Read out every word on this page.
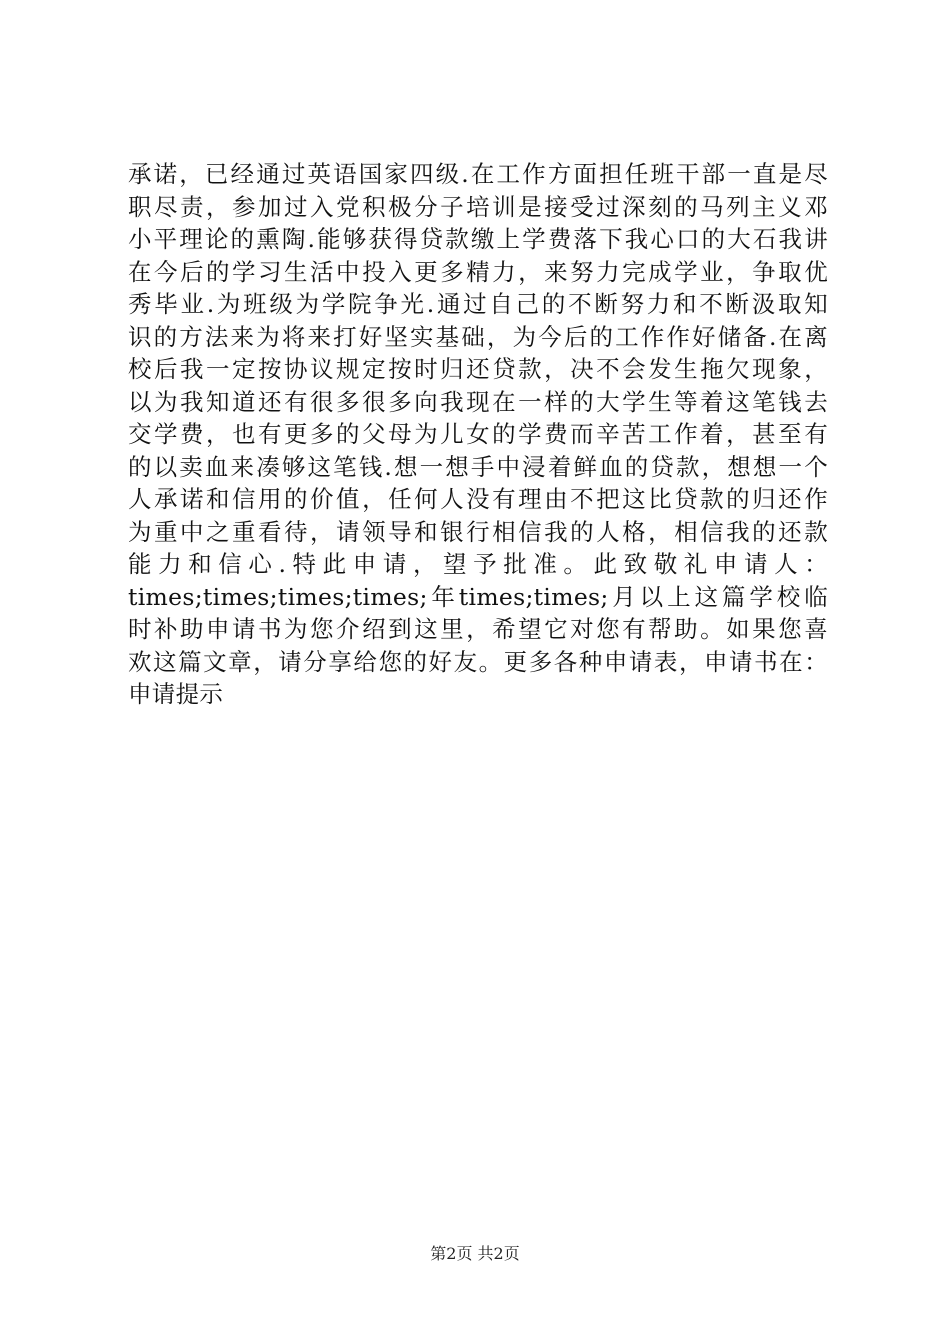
承诺，已经通过英语国家四级.在工作方面担任班干部一直是尽
职尽责，参加过入党积极分子培训是接受过深刻的马列主义邓
小平理论的熏陶.能够获得贷款缴上学费落下我心口的大石我讲
在今后的学习生活中投入更多精力，来努力完成学业，争取优
秀毕业.为班级为学院争光.通过自己的不断努力和不断汲取知
识的方法来为将来打好坚实基础，为今后的工作作好储备.在离
校后我一定按协议规定按时归还贷款，决不会发生拖欠现象，
以为我知道还有很多很多向我现在一样的大学生等着这笔钱去
交学费，也有更多的父母为儿女的学费而辛苦工作着，甚至有
的以卖血来凑够这笔钱.想一想手中浸着鲜血的贷款，想想一个
人承诺和信用的价值，任何人没有理由不把这比贷款的归还作
为重中之重看待，请领导和银行相信我的人格，相信我的还款
能力和信心.特此申请，望予批准。此致敬礼申请人：
times;times;times;times;年times;times;月以上这篇学校临
时补助申请书为您介绍到这里，希望它对您有帮助。如果您喜
欢这篇文章，请分享给您的好友。更多各种申请表，申请书在：
申请提示
第2页 共2页
